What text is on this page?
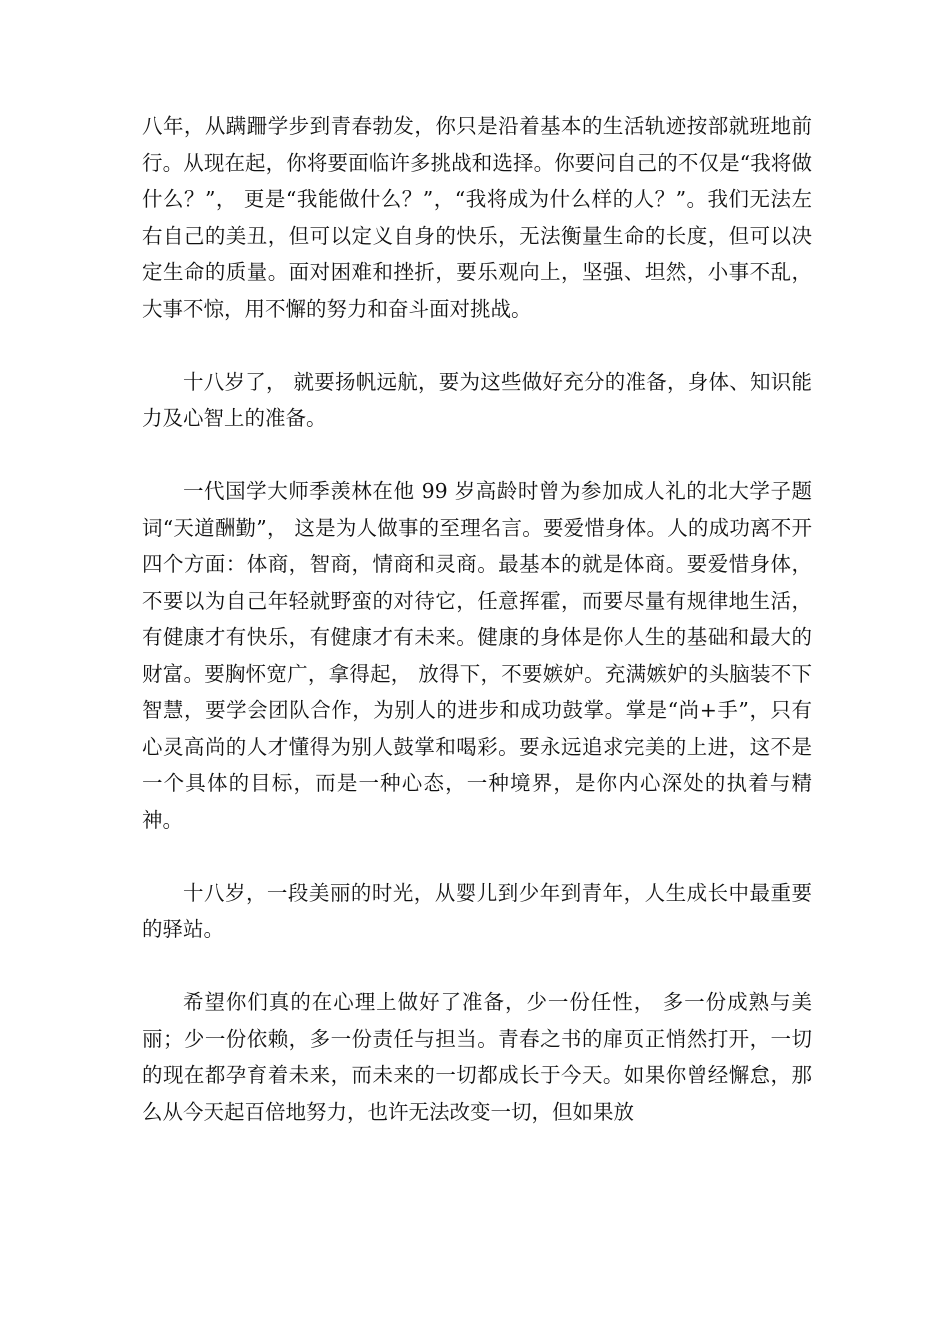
八年，从蹒跚学步到青春勃发，你只是沿着基本的生活轨迹按部就班地前行。从现在起，你将要面临许多挑战和选择。你要问自己的不仅是“我将做什么？”， 更是“我能做什么？”，“我将成为什么样的人？”。我们无法左右自己的美丑，但可以定义自身的快乐，无法衡量生命的长度，但可以决定生命的质量。面对困难和挫折，要乐观向上，坚强、坦然，小事不乱，大事不惊，用不懈的努力和奋斗面对挑战。

十八岁了， 就要扬帆远航，要为这些做好充分的准备，身体、知识能力及心智上的准备。

一代国学大师季羡林在他 99 岁高龄时曾为参加成人礼的北大学子题词“天道酬勤”， 这是为人做事的至理名言。要爱惜身体。人的成功离不开四个方面：体商，智商，情商和灵商。最基本的就是体商。要爱惜身体，不要以为自己年轻就野蛮的对待它，任意挥霍，而要尽量有规律地生活，有健康才有快乐，有健康才有未来。健康的身体是你人生的基础和最大的财富。要胸怀宽广，拿得起， 放得下，不要嫉妒。充满嫉妒的头脑装不下智慧，要学会团队合作，为别人的进步和成功鼓掌。掌是“尚+手”，只有心灵高尚的人才懂得为别人鼓掌和喝彩。要永远追求完美的上进，这不是一个具体的目标，而是一种心态，一种境界，是你内心深处的执着与精神。

十八岁，一段美丽的时光，从婴儿到少年到青年，人生成长中最重要的驿站。

希望你们真的在心理上做好了准备，少一份任性， 多一份成熟与美丽；少一份依赖，多一份责任与担当。青春之书的扉页正悄然打开，一切的现在都孕育着未来，而未来的一切都成长于今天。如果你曾经懈怠，那么从今天起百倍地努力，也许无法改变一切，但如果放
